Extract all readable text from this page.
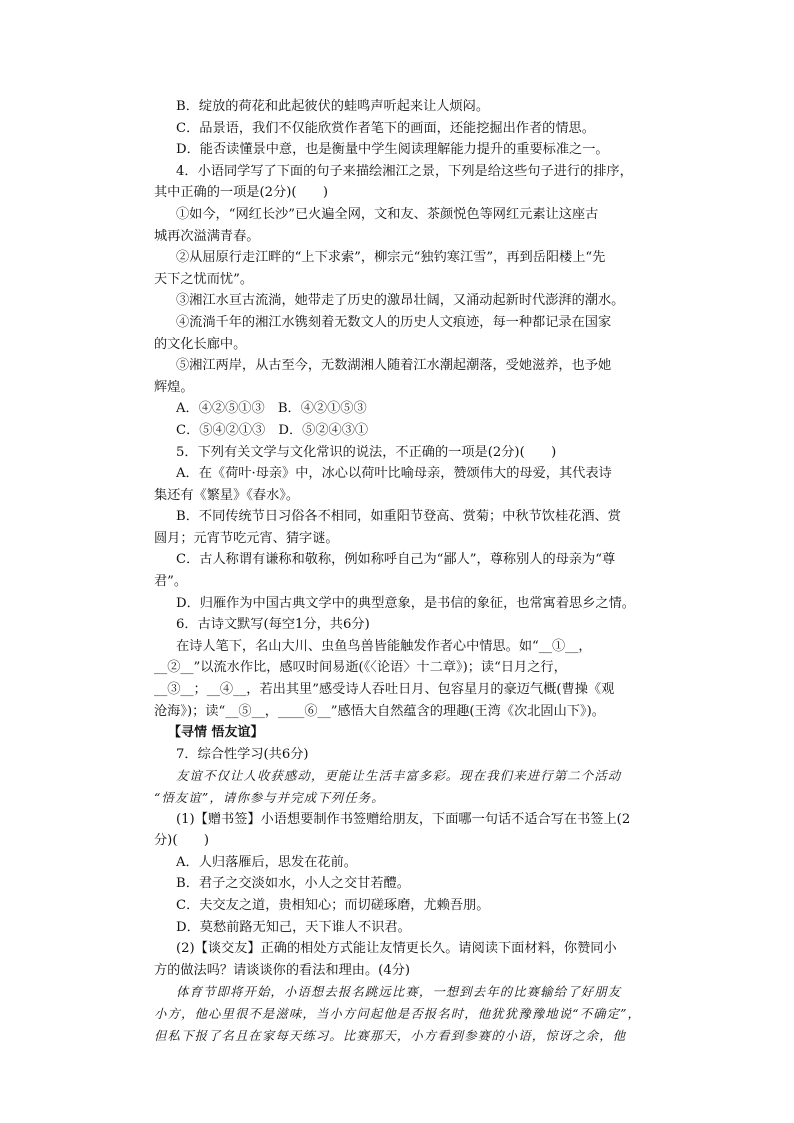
B．绽放的荷花和此起彼伏的蛙鸣声听起来让人烦闷。
C．品景语，我们不仅能欣赏作者笔下的画面，还能挖掘出作者的情思。
D．能否读懂景中意，也是衡量中学生阅读理解能力提升的重要标准之一。
4．小语同学写了下面的句子来描绘湘江之景，下列是给这些句子进行的排序，
其中正确的一项是(2分)(　　)
①如今，“网红长沙”已火遍全网，文和友、茶颜悦色等网红元素让这座古
城再次溢满青春。
②从屈原行走江畔的“上下求索”，柳宗元“独钓寒江雪”，再到岳阳楼上“先
天下之忧而忧”。
③湘江水亘古流淌，她带走了历史的激昂壮阔，又涌动起新时代澎湃的潮水。
④流淌千年的湘江水镌刻着无数文人的历史人文痕迹，每一种都记录在国家
的文化长廊中。
⑤湘江两岸，从古至今，无数湖湘人随着江水潮起潮落，受她滋养，也予她
辉煌。
A．④②⑤①③　B．④②①⑤③
C．⑤④②①③　D．⑤②④③①
5．下列有关文学与文化常识的说法，不正确的一项是(2分)(　　)
A．在《荷叶·母亲》中，冰心以荷叶比喻母亲，赞颂伟大的母爱，其代表诗
集还有《繁星》《春水》。
B．不同传统节日习俗各不相同，如重阳节登高、赏菊；中秋节饮桂花酒、赏
圆月；元宵节吃元宵、猜字谜。
C．古人称谓有谦称和敬称，例如称呼自己为“鄙人”，尊称别人的母亲为“尊
君”。
D．归雁作为中国古典文学中的典型意象，是书信的象征，也常寓着思乡之情。
6．古诗文默写(每空1分，共6分)
在诗人笔下，名山大川、虫鱼鸟兽皆能触发作者心中情思。如“__①__，
__②__”以流水作比，感叹时间易逝(《〈论语〉十二章》)；读“日月之行，
__③__；__④__，若出其里”感受诗人吞吐日月、包容星月的豪迈气概(曹操《观
沧海》)；读“__⑤__，____⑥__”感悟大自然蕴含的理趣(王湾《次北固山下》)。
【寻情 悟友谊】
7．综合性学习(共6分)
友谊不仅让人收获感动，更能让生活丰富多彩。现在我们来进行第二个活动
“悟友谊”，请你参与并完成下列任务。
(1)【赠书签】小语想要制作书签赠给朋友，下面哪一句话不适合写在书签上(2
分)(　　)
A．人归落雁后，思发在花前。
B．君子之交淡如水，小人之交甘若醴。
C．夫交友之道，贵相知心；而切磋琢磨，尤赖吾朋。
D．莫愁前路无知己，天下谁人不识君。
(2)【谈交友】正确的相处方式能让友情更长久。请阅读下面材料，你赞同小
方的做法吗？请谈谈你的看法和理由。(4分)
体育节即将开始，小语想去报名跳远比赛，一想到去年的比赛输给了好朋友
小方，他心里很不是滋味，当小方问起他是否报名时，他犹犹豫豫地说“不确定”，
但私下报了名且在家每天练习。比赛那天，小方看到参赛的小语，惊讶之余，他
